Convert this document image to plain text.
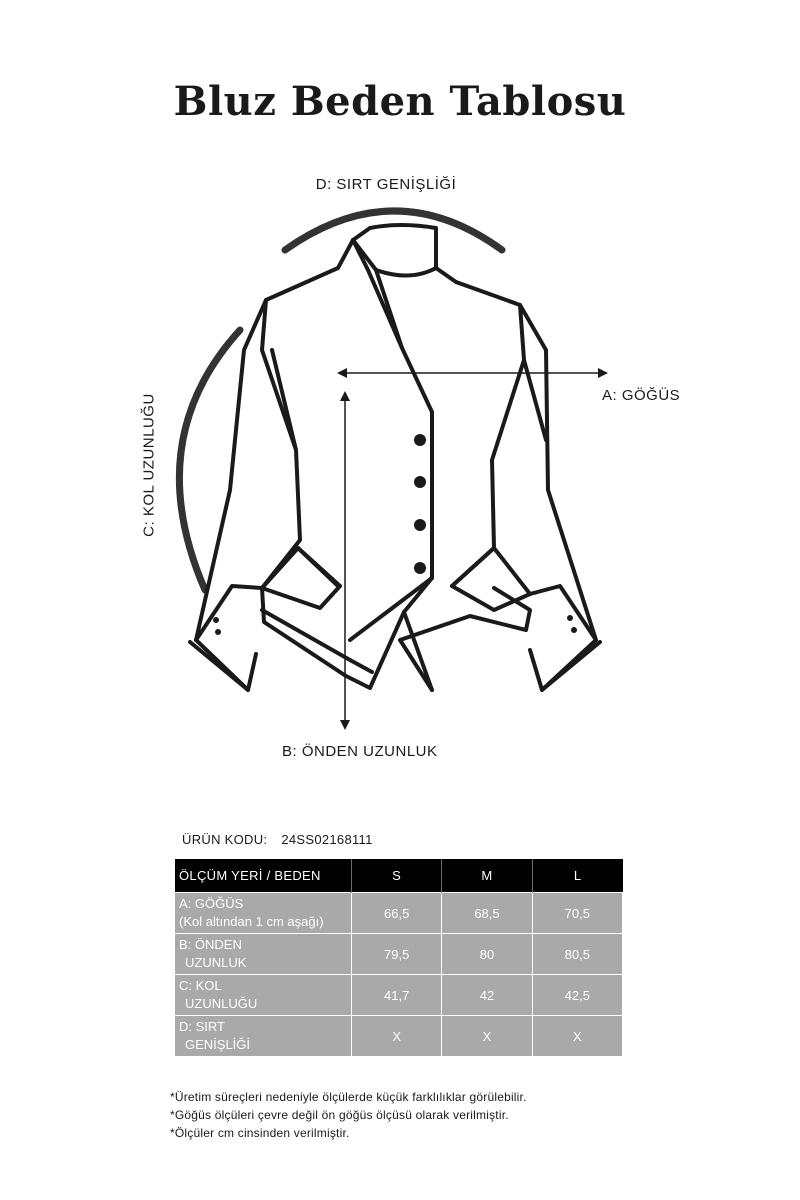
Bluz Beden Tablosu
D: SIRT GENİŞLİĞİ
A: GÖĞÜS
B: ÖNDEN UZUNLUK
C: KOL UZUNLUĞU
ÜRÜN KODU: 24SS02168111
ÖLÇÜM YERİ / BEDEN	S	M	L
A: GÖĞÜS
(Kol altından 1 cm aşağı)	66,5	68,5	70,5
B: ÖNDEN
UZUNLUK	79,5	80	80,5
C: KOL
UZUNLUĞU	41,7	42	42,5
D: SIRT
GENİŞLİĞİ	X	X	X
*Üretim süreçleri nedeniyle ölçülerde küçük farklılıklar görülebilir.
*Göğüs ölçüleri çevre değil ön göğüs ölçüsü olarak verilmiştir.
*Ölçüler cm cinsinden verilmiştir.
